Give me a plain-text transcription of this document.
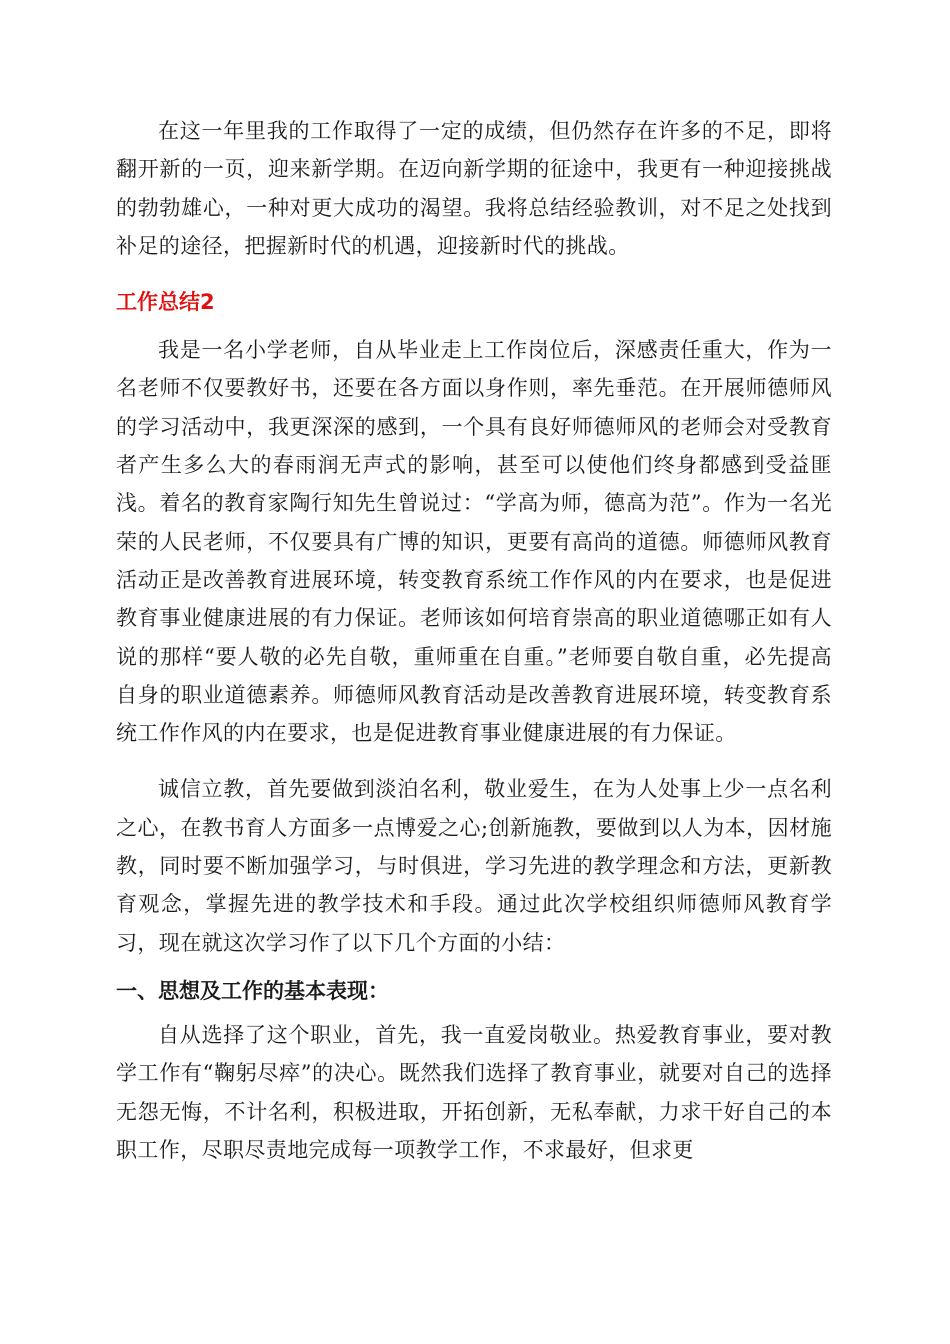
在这一年里我的工作取得了一定的成绩，但仍然存在许多的不足，即将翻开新的一页，迎来新学期。在迈向新学期的征途中，我更有一种迎接挑战的勃勃雄心，一种对更大成功的渴望。我将总结经验教训，对不足之处找到补足的途径，把握新时代的机遇，迎接新时代的挑战。

工作总结2

我是一名小学老师，自从毕业走上工作岗位后，深感责任重大，作为一名老师不仅要教好书，还要在各方面以身作则，率先垂范。在开展师德师风的学习活动中，我更深深的感到，一个具有良好师德师风的老师会对受教育者产生多么大的春雨润无声式的影响，甚至可以使他们终身都感到受益匪浅。着名的教育家陶行知先生曾说过：“学高为师，德高为范”。作为一名光荣的人民老师，不仅要具有广博的知识，更要有高尚的道德。师德师风教育活动正是改善教育进展环境，转变教育系统工作作风的内在要求，也是促进教育事业健康进展的有力保证。老师该如何培育崇高的职业道德哪正如有人说的那样“要人敬的必先自敬，重师重在自重。”老师要自敬自重，必先提高自身的职业道德素养。师德师风教育活动是改善教育进展环境，转变教育系统工作作风的内在要求，也是促进教育事业健康进展的有力保证。

诚信立教，首先要做到淡泊名利，敬业爱生，在为人处事上少一点名利之心，在教书育人方面多一点博爱之心;创新施教，要做到以人为本，因材施教，同时要不断加强学习，与时俱进，学习先进的教学理念和方法，更新教育观念，掌握先进的教学技术和手段。通过此次学校组织师德师风教育学习，现在就这次学习作了以下几个方面的小结：

一、思想及工作的基本表现：

自从选择了这个职业，首先，我一直爱岗敬业。热爱教育事业，要对教学工作有“鞠躬尽瘁”的决心。既然我们选择了教育事业，就要对自己的选择无怨无悔，不计名利，积极进取，开拓创新，无私奉献，力求干好自己的本职工作，尽职尽责地完成每一项教学工作，不求最好，但求更
